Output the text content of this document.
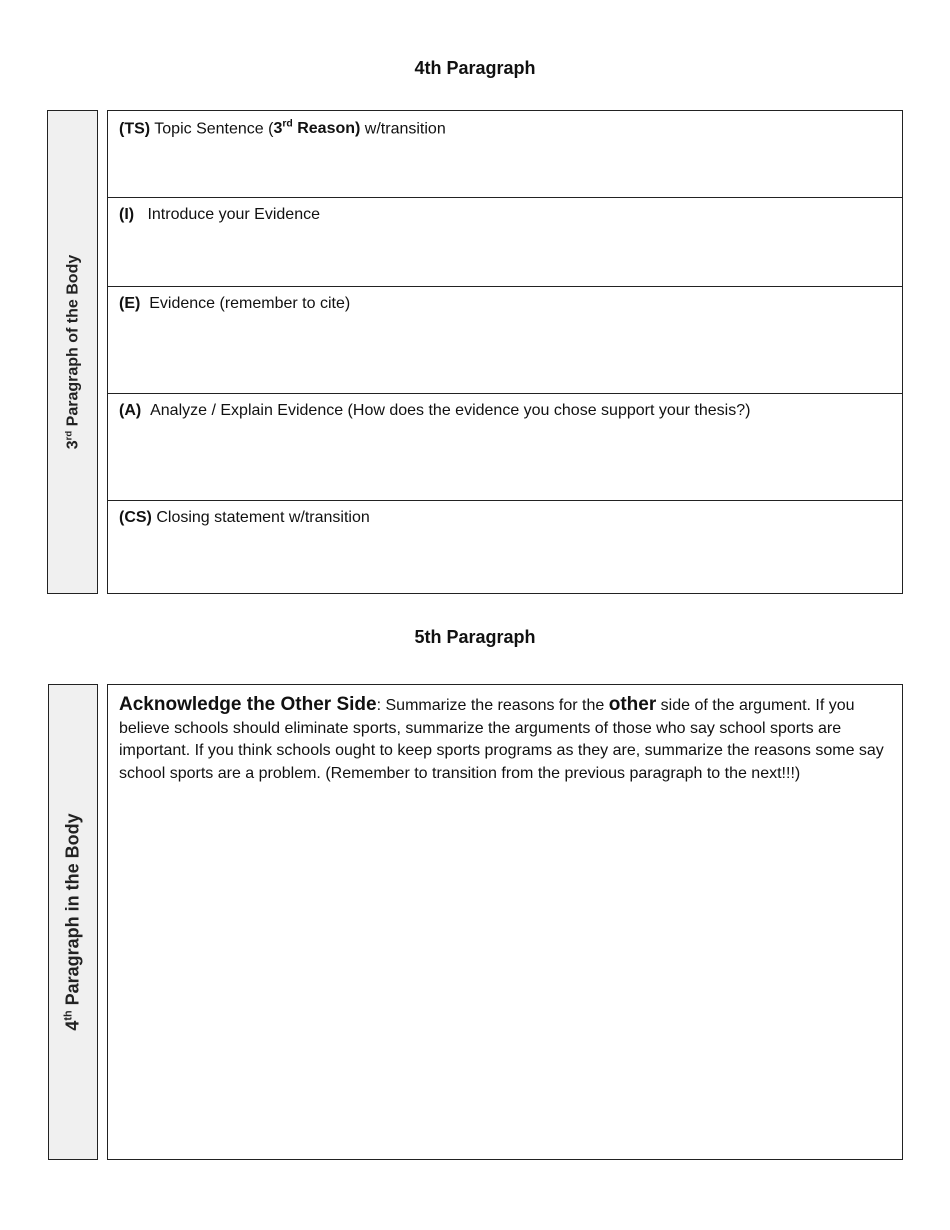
4th Paragraph
3rd Paragraph of the Body
(TS) Topic Sentence (3rd Reason) w/transition
(I)   Introduce your Evidence
(E)  Evidence (remember to cite)
(A)  Analyze / Explain Evidence (How does the evidence you chose support your thesis?)
(CS) Closing statement w/transition
5th Paragraph
4th Paragraph in the Body
Acknowledge the Other Side: Summarize the reasons for the other side of the argument. If you believe schools should eliminate sports, summarize the arguments of those who say school sports are important. If you think schools ought to keep sports programs as they are, summarize the reasons some say school sports are a problem. (Remember to transition from the previous paragraph to the next!!!)
